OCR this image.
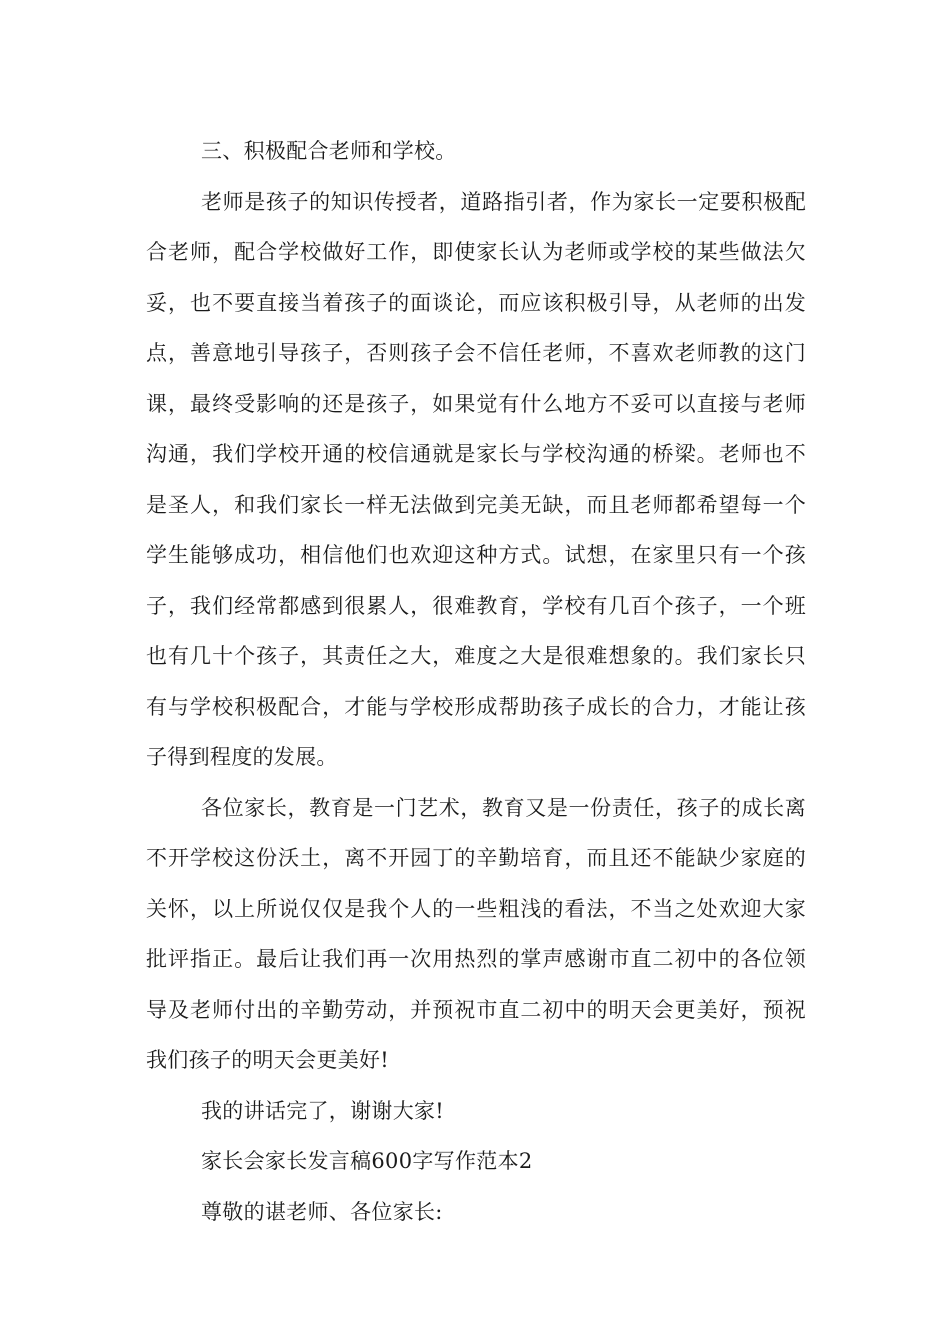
三、积极配合老师和学校。

老师是孩子的知识传授者，道路指引者，作为家长一定要积极配合老师，配合学校做好工作，即使家长认为老师或学校的某些做法欠妥，也不要直接当着孩子的面谈论，而应该积极引导，从老师的出发点，善意地引导孩子，否则孩子会不信任老师，不喜欢老师教的这门课，最终受影响的还是孩子，如果觉有什么地方不妥可以直接与老师沟通，我们学校开通的校信通就是家长与学校沟通的桥梁。老师也不是圣人，和我们家长一样无法做到完美无缺，而且老师都希望每一个学生能够成功，相信他们也欢迎这种方式。试想，在家里只有一个孩子，我们经常都感到很累人，很难教育，学校有几百个孩子，一个班也有几十个孩子，其责任之大，难度之大是很难想象的。我们家长只有与学校积极配合，才能与学校形成帮助孩子成长的合力，才能让孩子得到程度的发展。

各位家长，教育是一门艺术，教育又是一份责任，孩子的成长离不开学校这份沃土，离不开园丁的辛勤培育，而且还不能缺少家庭的关怀，以上所说仅仅是我个人的一些粗浅的看法，不当之处欢迎大家批评指正。最后让我们再一次用热烈的掌声感谢市直二初中的各位领导及老师付出的辛勤劳动，并预祝市直二初中的明天会更美好，预祝我们孩子的明天会更美好!

我的讲话完了，谢谢大家!

家长会家长发言稿600字写作范本2

尊敬的谌老师、各位家长:
